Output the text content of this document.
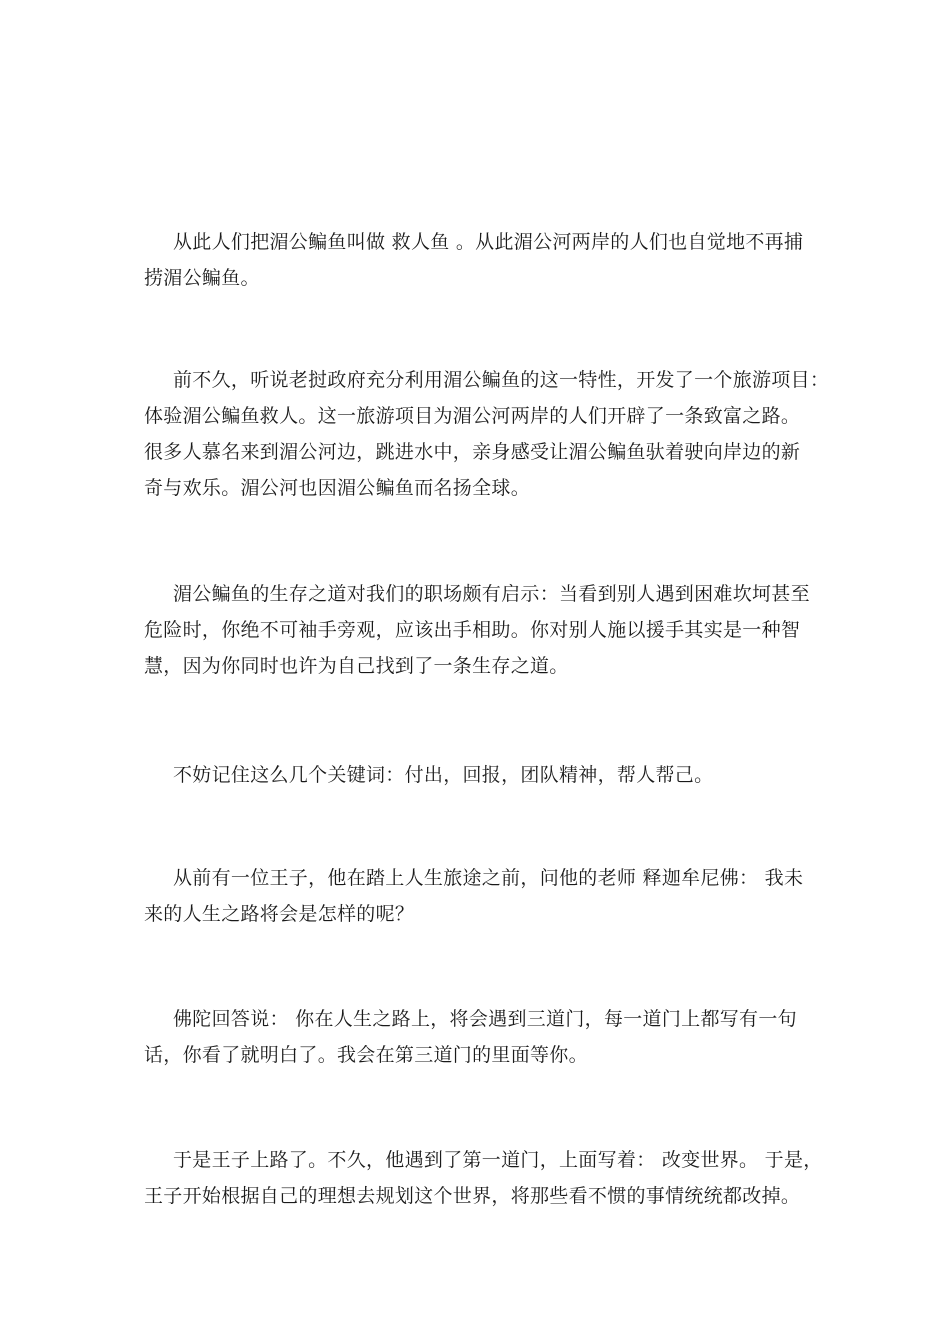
从此人们把湄公鳊鱼叫做 救人鱼 。从此湄公河两岸的人们也自觉地不再捕
捞湄公鳊鱼。

前不久，听说老挝政府充分利用湄公鳊鱼的这一特性，开发了一个旅游项目：
体验湄公鳊鱼救人。这一旅游项目为湄公河两岸的人们开辟了一条致富之路。
很多人慕名来到湄公河边，跳进水中，亲身感受让湄公鳊鱼驮着驶向岸边的新
奇与欢乐。湄公河也因湄公鳊鱼而名扬全球。

湄公鳊鱼的生存之道对我们的职场颇有启示：当看到别人遇到困难坎坷甚至
危险时，你绝不可袖手旁观，应该出手相助。你对别人施以援手其实是一种智
慧，因为你同时也许为自己找到了一条生存之道。

不妨记住这么几个关键词：付出，回报，团队精神，帮人帮己。

从前有一位王子，他在踏上人生旅途之前，问他的老师 释迦牟尼佛： 我未
来的人生之路将会是怎样的呢？

佛陀回答说： 你在人生之路上，将会遇到三道门，每一道门上都写有一句
话，你看了就明白了。我会在第三道门的里面等你。

于是王子上路了。不久，他遇到了第一道门，上面写着： 改变世界。 于是，
王子开始根据自己的理想去规划这个世界，将那些看不惯的事情统统都改掉。
